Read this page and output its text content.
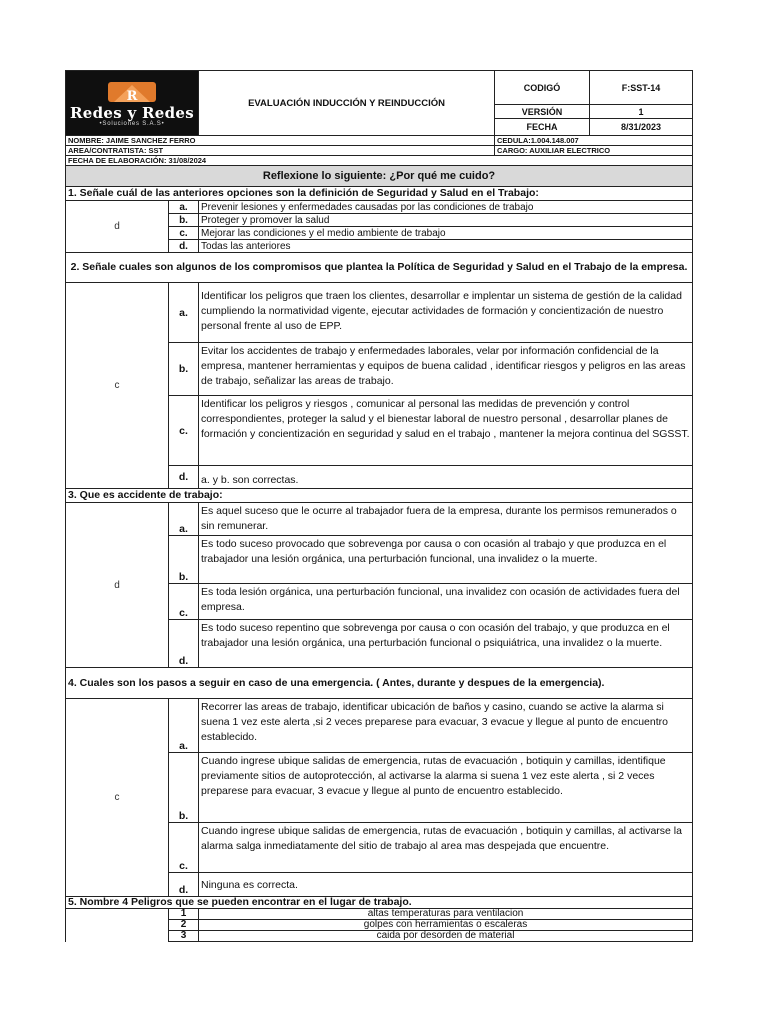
R
Redes y Redes
•Soluciones S.A.S•		EVALUACIÓN INDUCCIÓN Y REINDUCCIÓN	CODIGÓ	F:SST-14
			VERSIÓN	1
			FECHA	8/31/2023
NOMBRE: JAIME SANCHEZ FERRO			CEDULA:1.004.148.007	
AREA/CONTRATISTA: SST			CARGO: AUXILIAR ELECTRICO	
FECHA DE ELABORACIÓN: 31/08/2024				
Reflexione lo siguiente: ¿Por qué me cuido?				
1. Señale cuál de las anteriores opciones son la definición de Seguridad y Salud en el Trabajo:				
d	a.	Prevenir lesiones y enfermedades causadas por las condiciones de trabajo		
	b.	Proteger y promover la salud		
	c.	Mejorar las condiciones y el medio ambiente de trabajo		
	d.	Todas las anteriores		
2. Señale cuales son algunos de los compromisos que plantea la Política de Seguridad y Salud en el Trabajo de la empresa.				
c	a.	Identificar los peligros que traen los clientes, desarrollar e implentar un sistema de gestión de la calidad cumpliendo la normatividad vigente, ejecutar actividades de formación y concientización de nuestro personal frente al uso de EPP.		
	b.	Evitar los accidentes de trabajo y enfermedades laborales, velar por información confidencial de la empresa, mantener herramientas y equipos de buena calidad , identificar riesgos y peligros en las areas de trabajo, señalizar las areas de trabajo.		
	c.	Identificar los peligros y riesgos , comunicar al personal las medidas de prevención y control correspondientes, proteger la salud y el bienestar laboral de nuestro personal , desarrollar planes de formación y concientización en seguridad y salud en el trabajo , mantener la mejora continua del SGSST.		
	d.	a. y b. son correctas.		
3. Que es accidente de trabajo:				
d	a.	Es aquel suceso que le ocurre al trabajador fuera de la empresa, durante los permisos remunerados o sin remunerar.		
	b.	Es todo suceso provocado que sobrevenga por causa o con ocasión al trabajo y que produzca en el trabajador una lesión orgánica, una perturbación funcional, una invalidez o la muerte.		
	c.	Es toda lesión orgánica, una perturbación funcional, una invalidez con ocasión de actividades fuera del empresa.		
	d.	Es todo suceso repentino que sobrevenga por causa o con ocasión del trabajo, y que produzca en el trabajador una lesión orgánica, una perturbación funcional o psiquiátrica, una invalidez o la muerte.		
4. Cuales son los pasos a seguir en caso de una emergencia. ( Antes, durante y despues de la emergencia).				
c	a.	Recorrer las areas de trabajo, identificar ubicación de baños y casino, cuando se active la alarma si suena 1 vez este alerta ,si 2 veces preparese para evacuar, 3 evacue y llegue al punto de encuentro establecido.		
	b.	Cuando ingrese ubique salidas de emergencia, rutas de evacuación , botiquin y camillas, identifique previamente sitios de autoprotección, al activarse la alarma si suena 1 vez este alerta , si 2 veces preparese para evacuar, 3 evacue y llegue al punto de encuentro establecido.		
	c.	Cuando ingrese ubique salidas de emergencia, rutas de evacuación , botiquin y camillas, al activarse la alarma salga inmediatamente del sitio de trabajo al area mas despejada que encuentre.		
	d.	Ninguna es correcta.		
5. Nombre 4 Peligros que se pueden encontrar en el lugar de trabajo.				
	1	altas temperaturas para ventilacion		
	2	golpes con herramientas o escaleras		
	3	caida por desorden de material		
